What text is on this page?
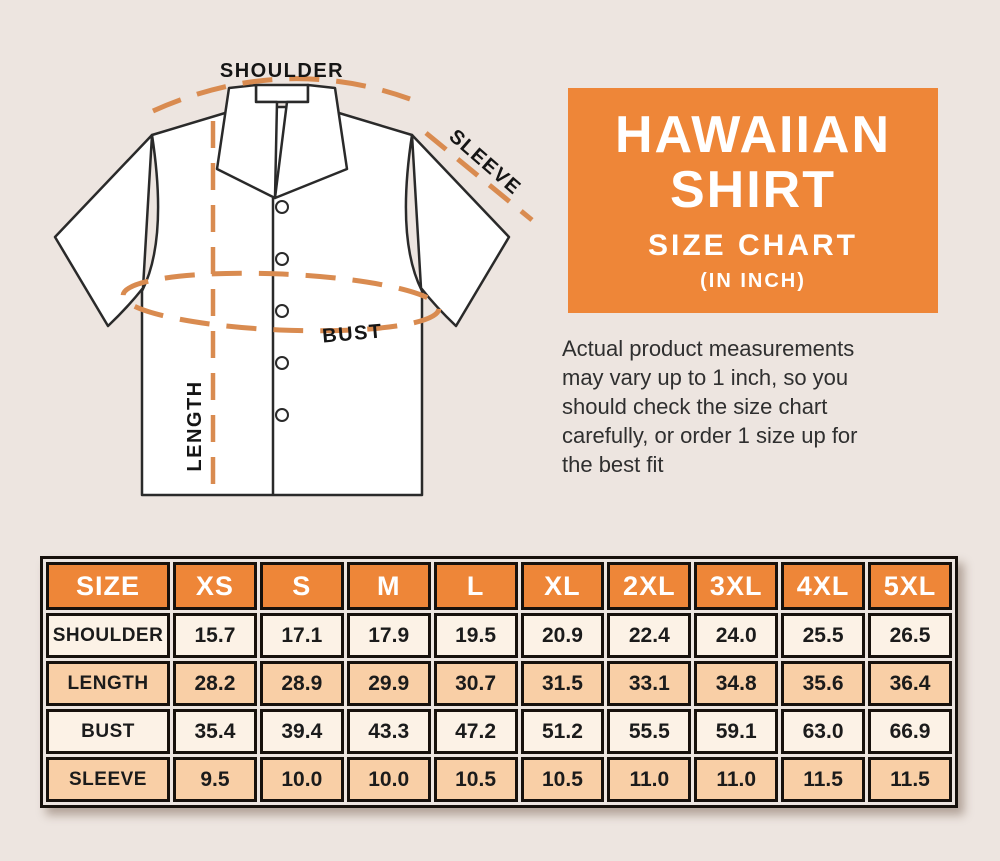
SHOULDER
SLEEVE
BUST
LENGTH
HAWAIIAN
SHIRT
SIZE CHART
(IN INCH)
Actual product measurements
may vary up to 1 inch, so you
should check the size chart
carefully, or order 1 size up for
the best fit
SIZE	XS	S	M	L	XL	2XL	3XL	4XL	5XL
SHOULDER	15.7	17.1	17.9	19.5	20.9	22.4	24.0	25.5	26.5
LENGTH	28.2	28.9	29.9	30.7	31.5	33.1	34.8	35.6	36.4
BUST	35.4	39.4	43.3	47.2	51.2	55.5	59.1	63.0	66.9
SLEEVE	9.5	10.0	10.0	10.5	10.5	11.0	11.0	11.5	11.5
